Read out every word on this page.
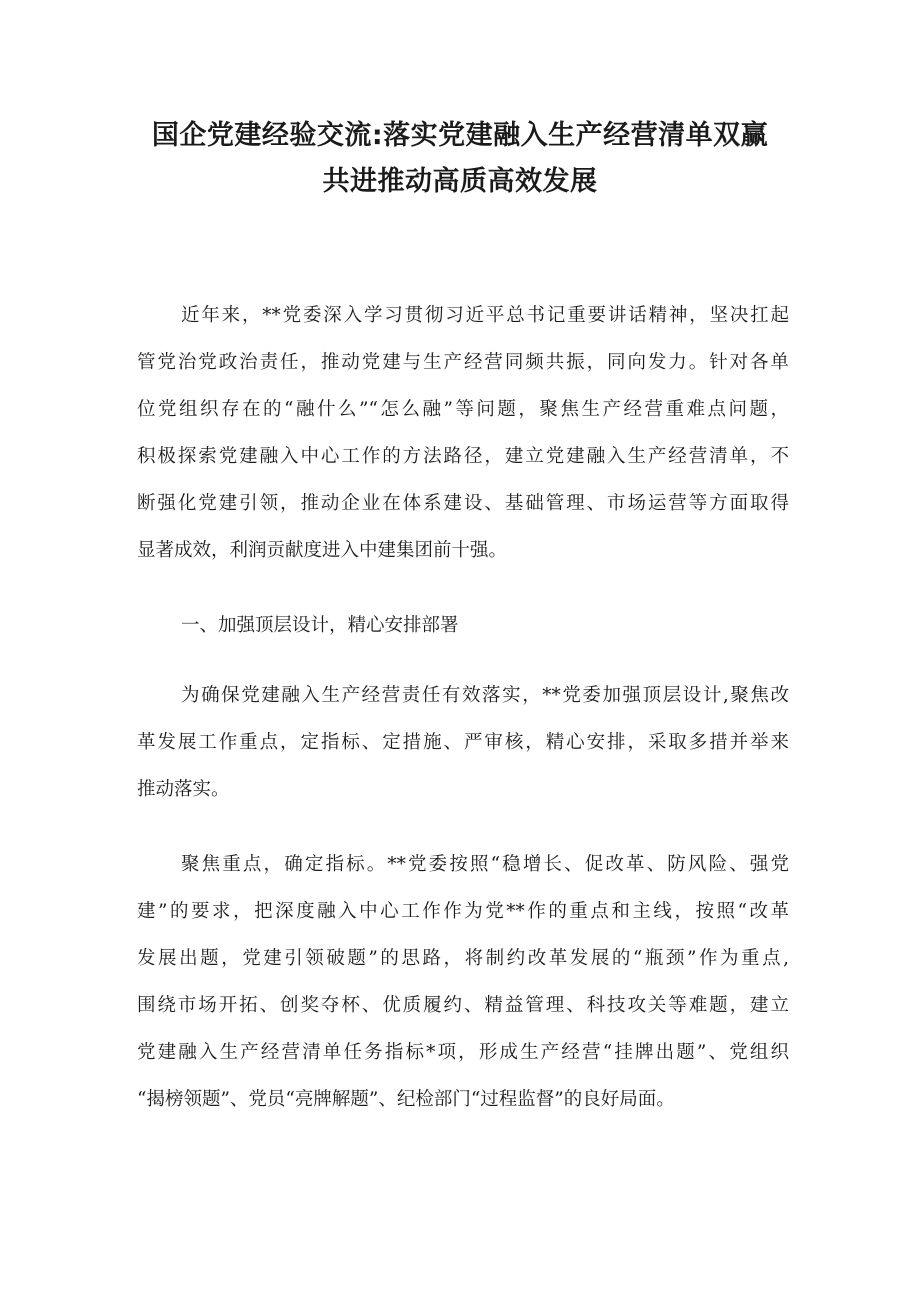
国企党建经验交流:落实党建融入生产经营清单双赢
共进推动高质高效发展
近年来，**党委深入学习贯彻习近平总书记重要讲话精神，坚决扛起
管党治党政治责任，推动党建与生产经营同频共振，同向发力。针对各单
位党组织存在的“融什么”“怎么融”等问题，聚焦生产经营重难点问题，
积极探索党建融入中心工作的方法路径，建立党建融入生产经营清单，不
断强化党建引领，推动企业在体系建设、基础管理、市场运营等方面取得
显著成效，利润贡献度进入中建集团前十强。
一、加强顶层设计，精心安排部署
为确保党建融入生产经营责任有效落实，**党委加强顶层设计,聚焦改
革发展工作重点，定指标、定措施、严审核，精心安排，采取多措并举来
推动落实。
聚焦重点，确定指标。**党委按照“稳增长、促改革、防风险、强党
建”的要求，把深度融入中心工作作为党**作的重点和主线，按照“改革
发展出题，党建引领破题”的思路，将制约改革发展的“瓶颈”作为重点,
围绕市场开拓、创奖夺杯、优质履约、精益管理、科技攻关等难题，建立
党建融入生产经营清单任务指标*项，形成生产经营“挂牌出题”、党组织
“揭榜领题”、党员“亮牌解题”、纪检部门“过程监督”的良好局面。
